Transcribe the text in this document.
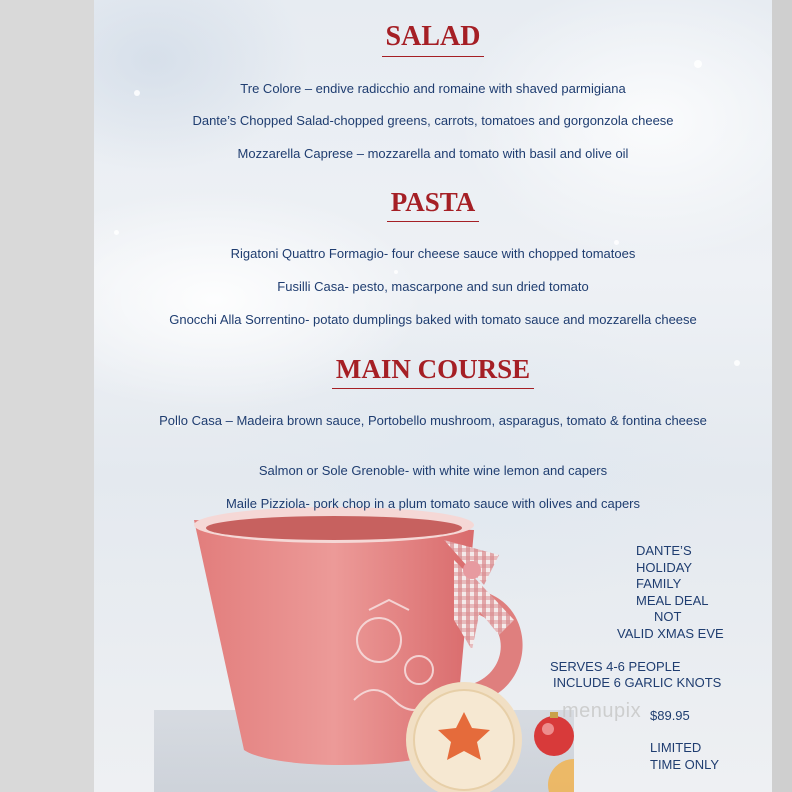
SALAD
Tre Colore – endive radicchio and romaine with shaved parmigiana
Dante’s Chopped Salad-chopped greens, carrots, tomatoes and gorgonzola cheese
Mozzarella Caprese – mozzarella and tomato with basil and olive oil
PASTA
Rigatoni Quattro Formagio- four cheese sauce with chopped tomatoes
Fusilli Casa- pesto, mascarpone and sun dried tomato
Gnocchi Alla Sorrentino- potato dumplings baked with tomato sauce and mozzarella cheese
MAIN COURSE
Pollo Casa – Madeira brown sauce, Portobello mushroom, asparagus, tomato & fontina cheese
Salmon or Sole Grenoble- with white wine lemon and capers
Maile Pizziola- pork chop in a plum tomato sauce with olives and capers
DANTE’S
HOLIDAY
FAMILY
MEAL DEAL
NOT
VALID XMAS EVE
SERVES 4-6 PEOPLE
INCLUDE 6 GARLIC KNOTS
$89.95
LIMITED
TIME ONLY
menupix
